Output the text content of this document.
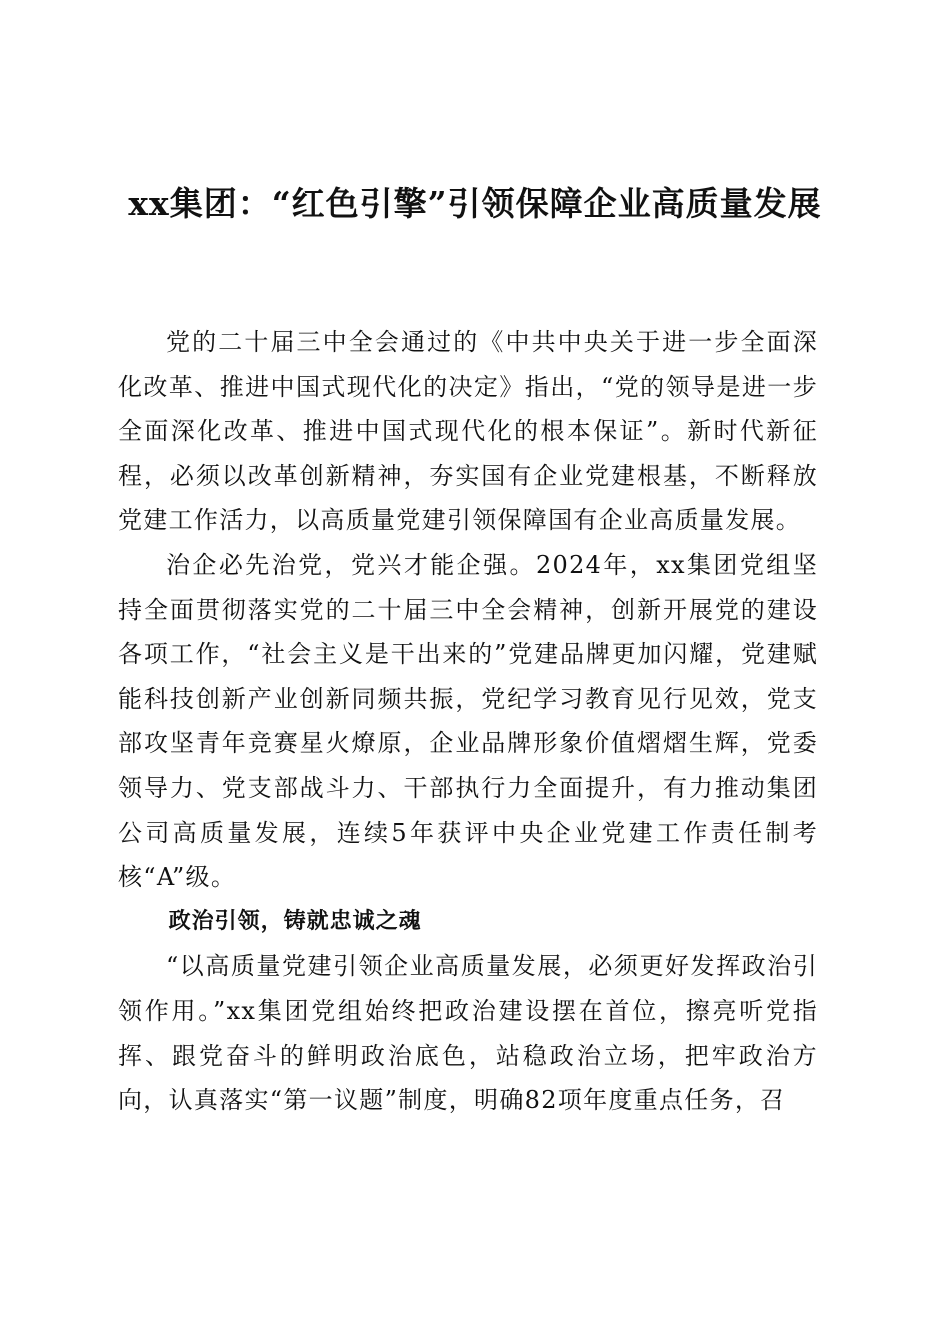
xx集团：“红色引擎”引领保障企业高质量发展

党的二十届三中全会通过的《中共中央关于进一步全面深化改革、推进中国式现代化的决定》指出，“党的领导是进一步全面深化改革、推进中国式现代化的根本保证”。新时代新征程，必须以改革创新精神，夯实国有企业党建根基，不断释放党建工作活力，以高质量党建引领保障国有企业高质量发展。

治企必先治党，党兴才能企强。2024年，xx集团党组坚持全面贯彻落实党的二十届三中全会精神，创新开展党的建设各项工作，“社会主义是干出来的”党建品牌更加闪耀，党建赋能科技创新产业创新同频共振，党纪学习教育见行见效，党支部攻坚青年竞赛星火燎原，企业品牌形象价值熠熠生辉，党委领导力、党支部战斗力、干部执行力全面提升，有力推动集团公司高质量发展，连续5年获评中央企业党建工作责任制考核“A”级。

政治引领，铸就忠诚之魂

“以高质量党建引领企业高质量发展，必须更好发挥政治引领作用。”xx集团党组始终把政治建设摆在首位，擦亮听党指挥、跟党奋斗的鲜明政治底色，站稳政治立场，把牢政治方向，认真落实“第一议题”制度，明确82项年度重点任务，召
